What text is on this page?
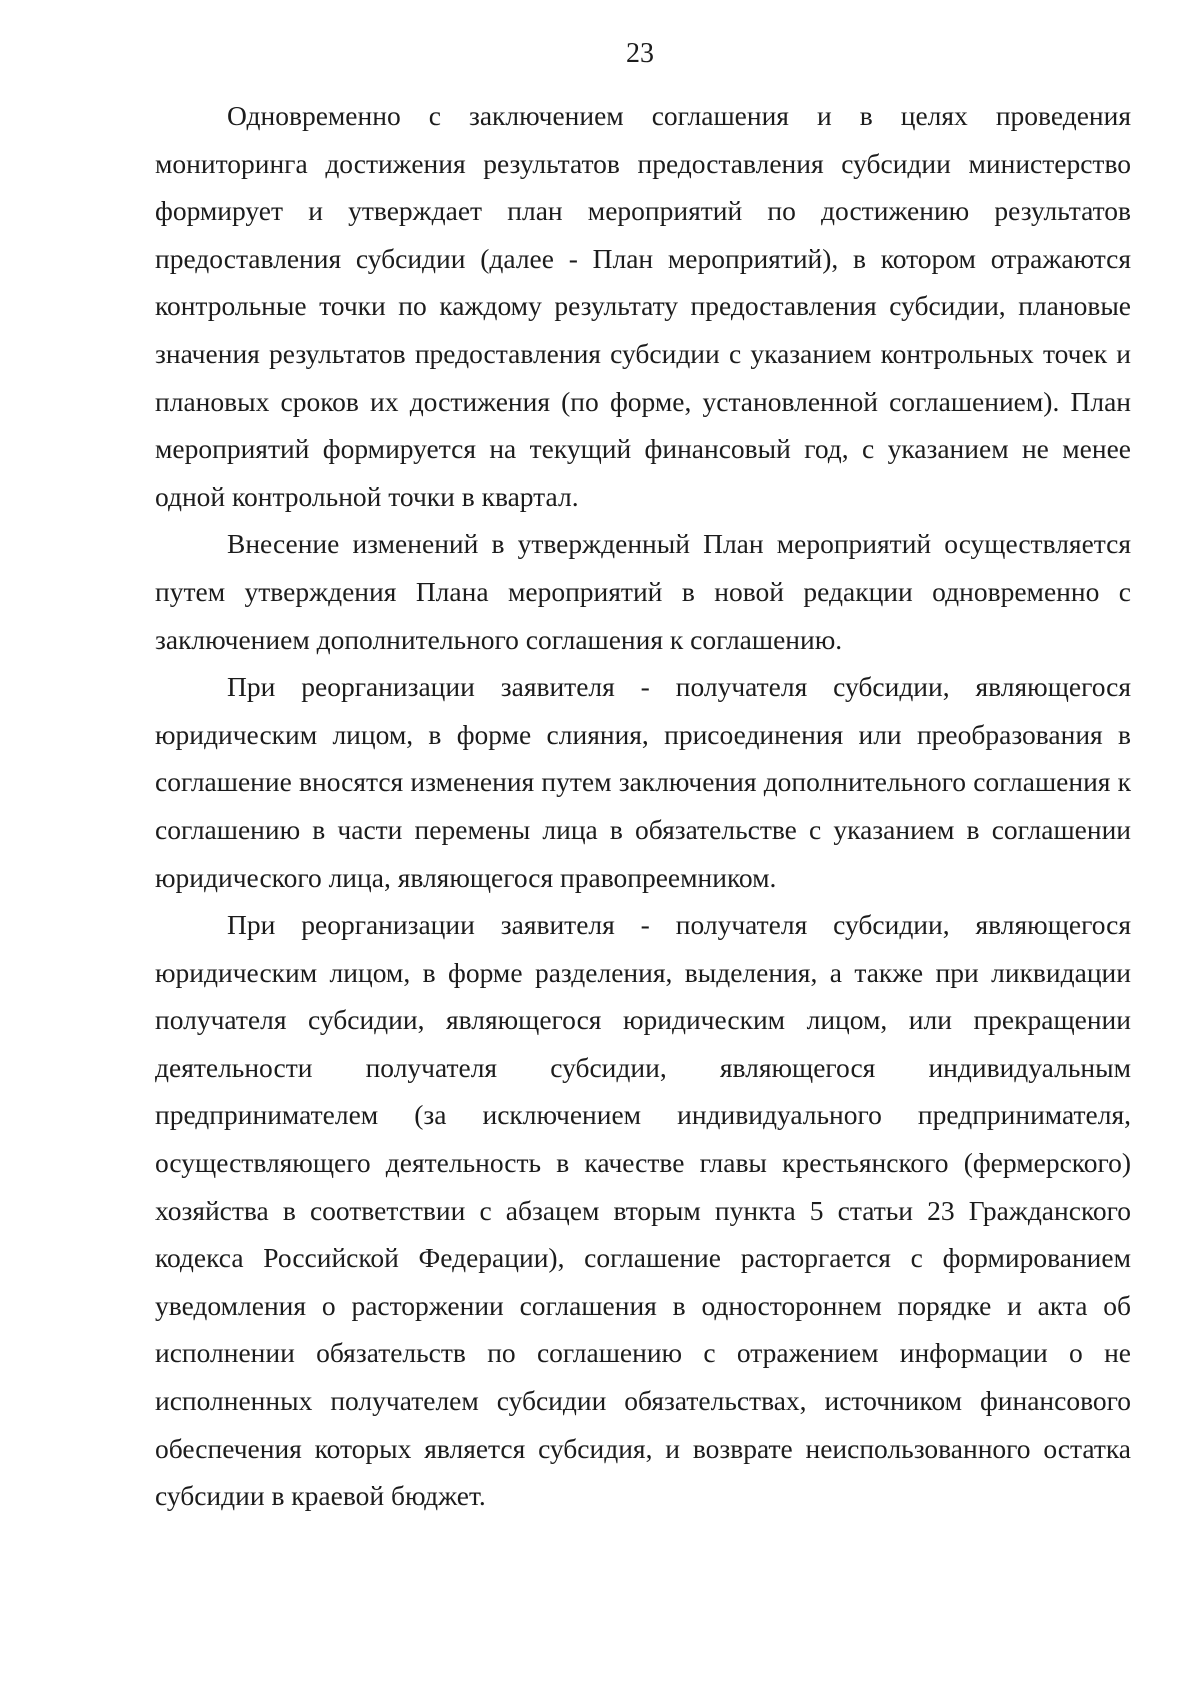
23

Одновременно с заключением соглашения и в целях проведения мониторинга достижения результатов предоставления субсидии министерство формирует и утверждает план мероприятий по достижению результатов предоставления субсидии (далее - План мероприятий), в котором отражаются контрольные точки по каждому результату предоставления субсидии, плановые значения результатов предоставления субсидии с указанием контрольных точек и плановых сроков их достижения (по форме, установленной соглашением). План мероприятий формируется на текущий финансовый год, с указанием не менее одной контрольной точки в квартал.

Внесение изменений в утвержденный План мероприятий осуществляется путем утверждения Плана мероприятий в новой редакции одновременно с заключением дополнительного соглашения к соглашению.

При реорганизации заявителя - получателя субсидии, являющегося юридическим лицом, в форме слияния, присоединения или преобразования в соглашение вносятся изменения путем заключения дополнительного соглашения к соглашению в части перемены лица в обязательстве с указанием в соглашении юридического лица, являющегося правопреемником.

При реорганизации заявителя - получателя субсидии, являющегося юридическим лицом, в форме разделения, выделения, а также при ликвидации получателя субсидии, являющегося юридическим лицом, или прекращении деятельности получателя субсидии, являющегося индивидуальным предпринимателем (за исключением индивидуального предпринимателя, осуществляющего деятельность в качестве главы крестьянского (фермерского) хозяйства в соответствии с абзацем вторым пункта 5 статьи 23 Гражданского кодекса Российской Федерации), соглашение расторгается с формированием уведомления о расторжении соглашения в одностороннем порядке и акта об исполнении обязательств по соглашению с отражением информации о не исполненных получателем субсидии обязательствах, источником финансового обеспечения которых является субсидия, и возврате неиспользованного остатка субсидии в краевой бюджет.
